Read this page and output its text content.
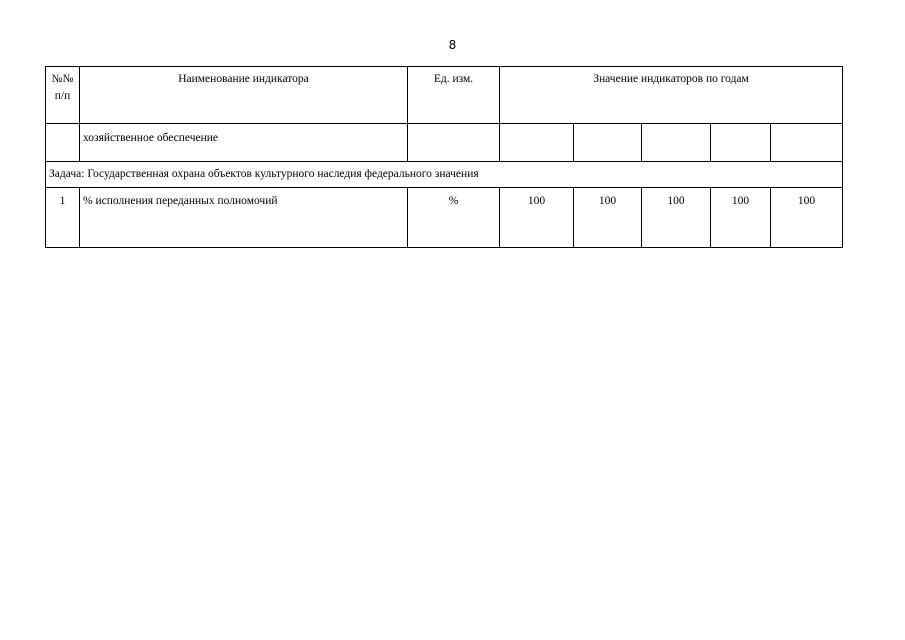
8
№№
п/п	Наименование индикатора	Ед. изм.	Значение индикаторов по годам				
	хозяйственное обеспечение						
Задача: Государственная охрана объектов культурного наследия федерального значения							
1	% исполнения переданных полномочий	%	100	100	100	100	100
